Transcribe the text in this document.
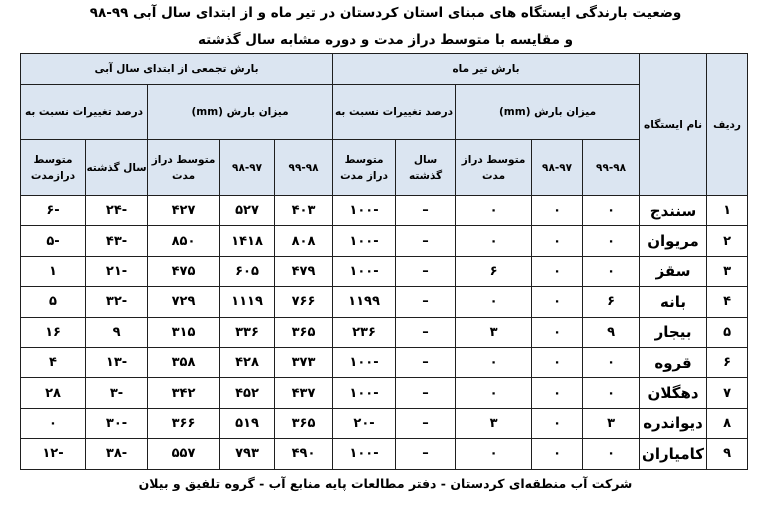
وضعیت بارندگی ایستگاه های مبنای استان کردستان در تیر ماه و از ابتدای سال آبی ۹۹-۹۸
و مقایسه با متوسط دراز مدت و دوره مشابه سال گذشته
ردیف	نام ایستگاه	بارش تیر ماه					بارش تجمعی از ابتدای سال آبی				
		میزان بارش (mm)			درصد تغییرات نسبت به		میزان بارش (mm)			درصد تغییرات نسبت به	
		۹۹-۹۸	۹۸-۹۷	متوسط دراز مدت	سال گذشته	متوسط دراز مدت	۹۹-۹۸	۹۸-۹۷	متوسط دراز مدت	سال گذشته	متوسط درازمدت
۱	سنندج	۰	۰	۰	–	-۱۰۰	۴۰۳	۵۲۷	۴۲۷	-۲۴	-۶
۲	مریوان	۰	۰	۰	–	-۱۰۰	۸۰۸	۱۴۱۸	۸۵۰	-۴۳	-۵
۳	سقز	۰	۰	۶	–	-۱۰۰	۴۷۹	۶۰۵	۴۷۵	-۲۱	۱
۴	بانه	۶	۰	۰	–	۱۱۹۹	۷۶۶	۱۱۱۹	۷۲۹	-۳۲	۵
۵	بیجار	۹	۰	۳	–	۲۳۶	۳۶۵	۳۳۶	۳۱۵	۹	۱۶
۶	قروه	۰	۰	۰	–	-۱۰۰	۳۷۳	۴۲۸	۳۵۸	-۱۳	۴
۷	دهگلان	۰	۰	۰	–	-۱۰۰	۴۳۷	۴۵۲	۳۴۲	-۳	۲۸
۸	دیواندره	۳	۰	۳	–	-۲۰	۳۶۵	۵۱۹	۳۶۶	-۳۰	۰
۹	کامیاران	۰	۰	۰	–	-۱۰۰	۴۹۰	۷۹۳	۵۵۷	-۳۸	-۱۲
شرکت آب منطقه‌ای کردستان - دفتر مطالعات پایه منابع آب - گروه تلفیق و بیلان
